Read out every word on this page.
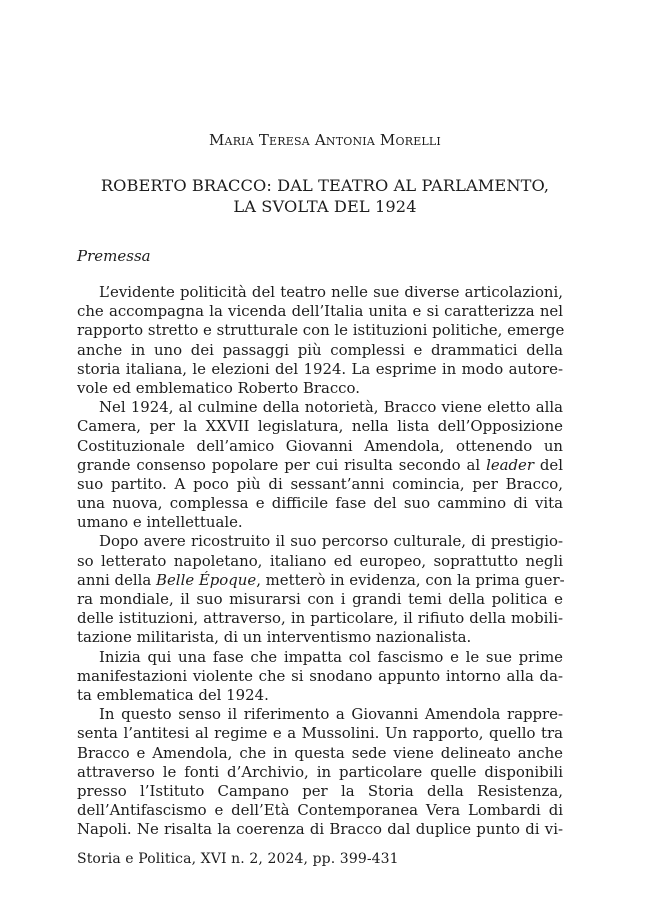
Maria Teresa Antonia Morelli
ROBERTO BRACCO: DAL TEATRO AL PARLAMENTO,
LA SVOLTA DEL 1924
Premessa
L’evidente politicità del teatro nelle sue diverse articolazioni,
che accompagna la vicenda dell’Italia unita e si caratterizza nel
rapporto stretto e strutturale con le istituzioni politiche, emerge
anche in uno dei passaggi più complessi e drammatici della
storia italiana, le elezioni del 1924. La esprime in modo autore-
vole ed emblematico Roberto Bracco.
Nel 1924, al culmine della notorietà, Bracco viene eletto alla
Camera, per la XXVII legislatura, nella lista dell’Opposizione
Costituzionale dell’amico Giovanni Amendola, ottenendo un
grande consenso popolare per cui risulta secondo al leader del
suo partito. A poco più di sessant’anni comincia, per Bracco,
una nuova, complessa e difficile fase del suo cammino di vita
umano e intellettuale.
Dopo avere ricostruito il suo percorso culturale, di prestigio-
so letterato napoletano, italiano ed europeo, soprattutto negli
anni della Belle Époque, metterò in evidenza, con la prima guer-
ra mondiale, il suo misurarsi con i grandi temi della politica e
delle istituzioni, attraverso, in particolare, il rifiuto della mobili-
tazione militarista, di un interventismo nazionalista.
Inizia qui una fase che impatta col fascismo e le sue prime
manifestazioni violente che si snodano appunto intorno alla da-
ta emblematica del 1924.
In questo senso il riferimento a Giovanni Amendola rappre-
senta l’antitesi al regime e a Mussolini. Un rapporto, quello tra
Bracco e Amendola, che in questa sede viene delineato anche
attraverso le fonti d’Archivio, in particolare quelle disponibili
presso l’Istituto Campano per la Storia della Resistenza,
dell’Antifascismo e dell’Età Contemporanea Vera Lombardi di
Napoli. Ne risalta la coerenza di Bracco dal duplice punto di vi-
Storia e Politica, XVI n. 2, 2024, pp. 399-431
